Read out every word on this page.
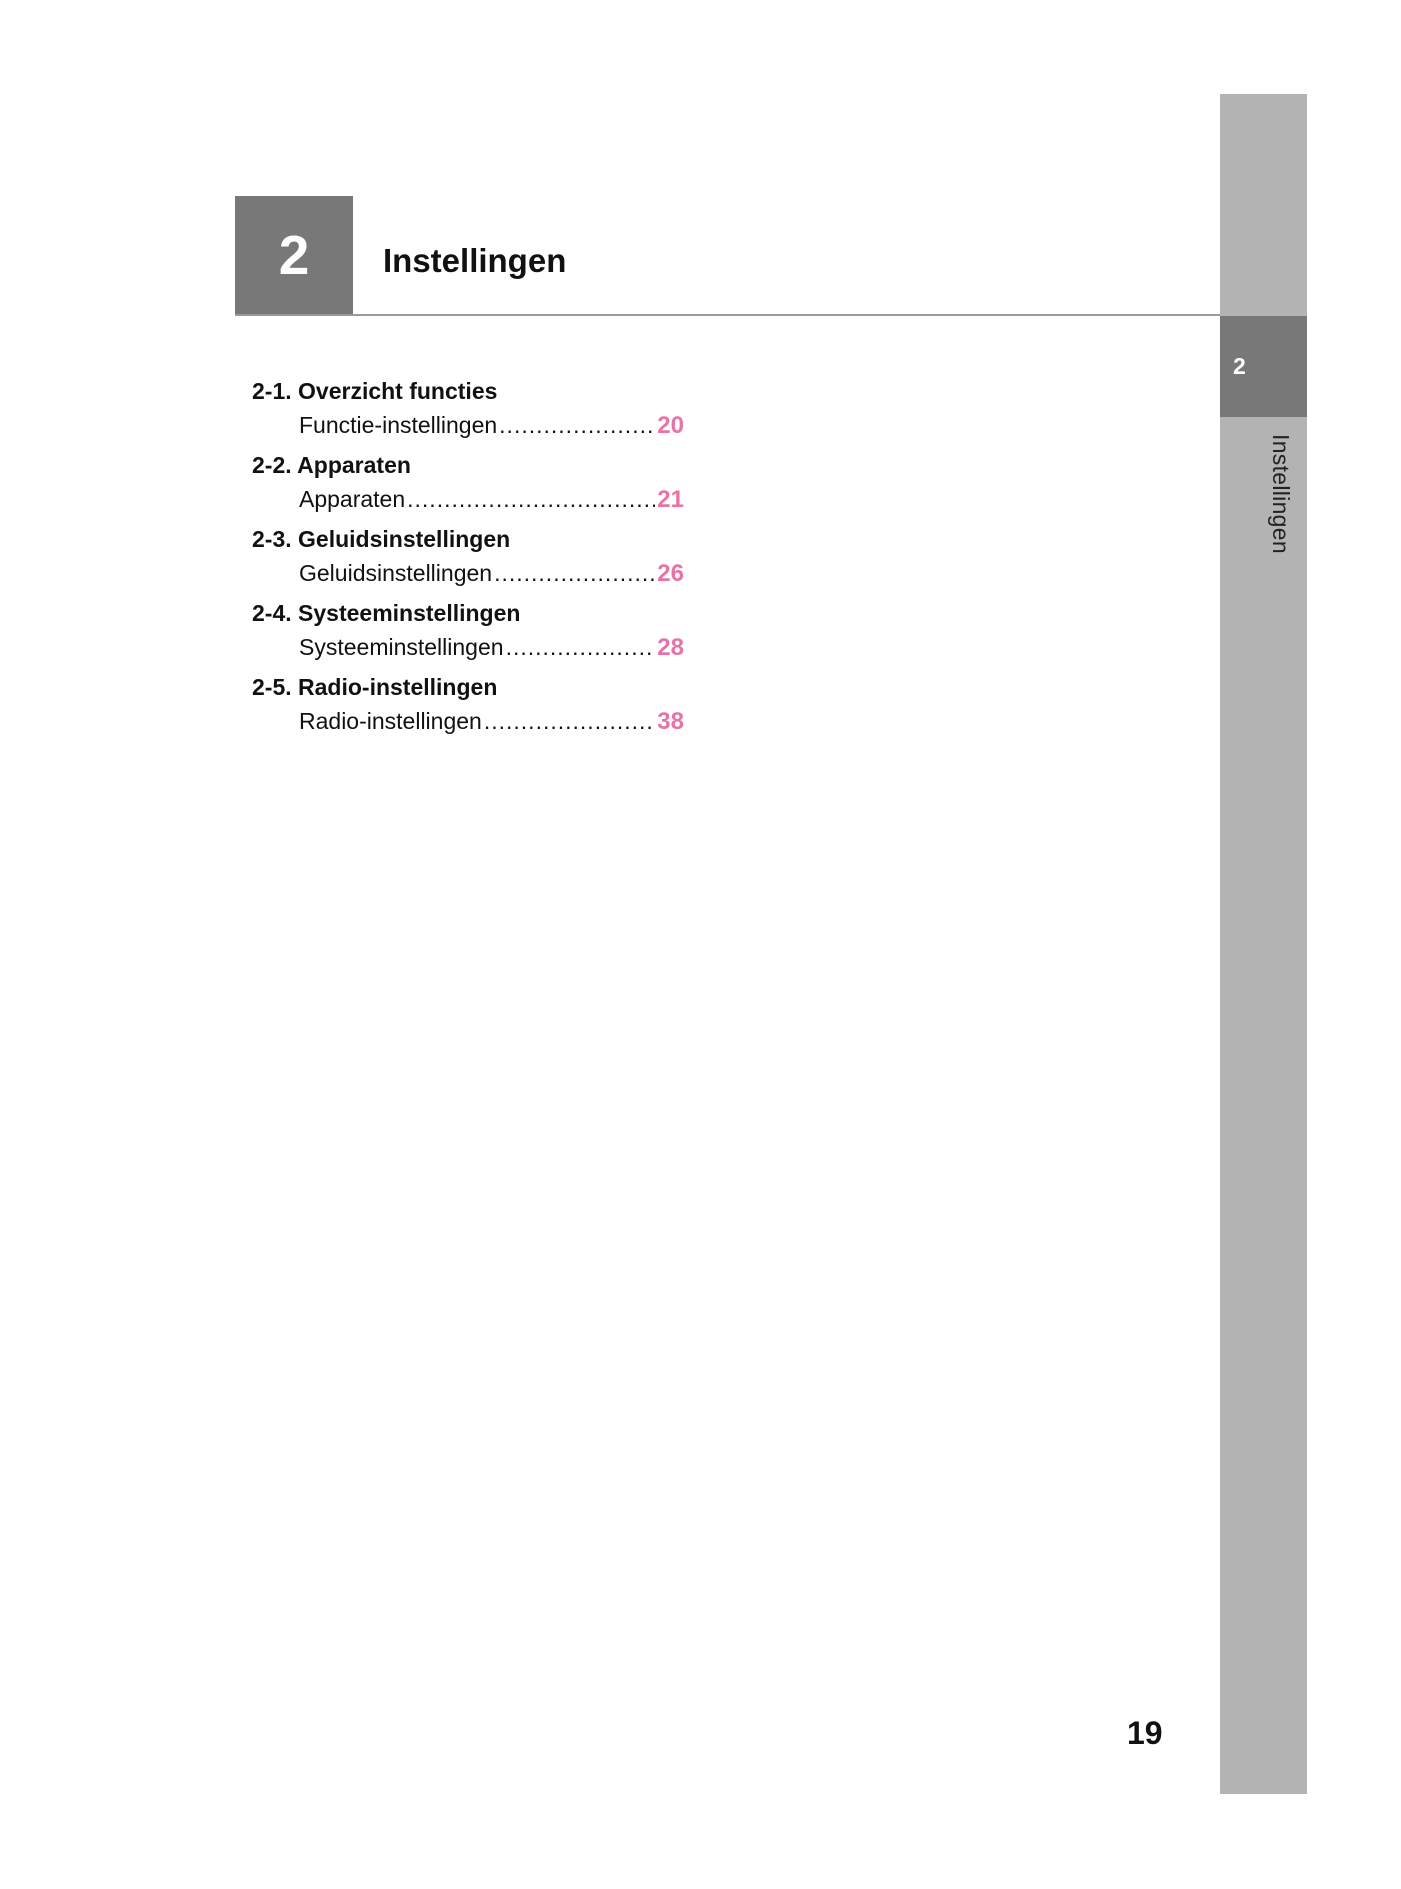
2
Instellingen
2 Instellingen
2-1. Overzicht functies
Functie-instellingen .....	20
2-2. Apparaten
Apparaten .....	21
2-3. Geluidsinstellingen
Geluidsinstellingen .....	26
2-4. Systeeminstellingen
Systeeminstellingen .....	28
2-5. Radio-instellingen
Radio-instellingen .....	38
19
